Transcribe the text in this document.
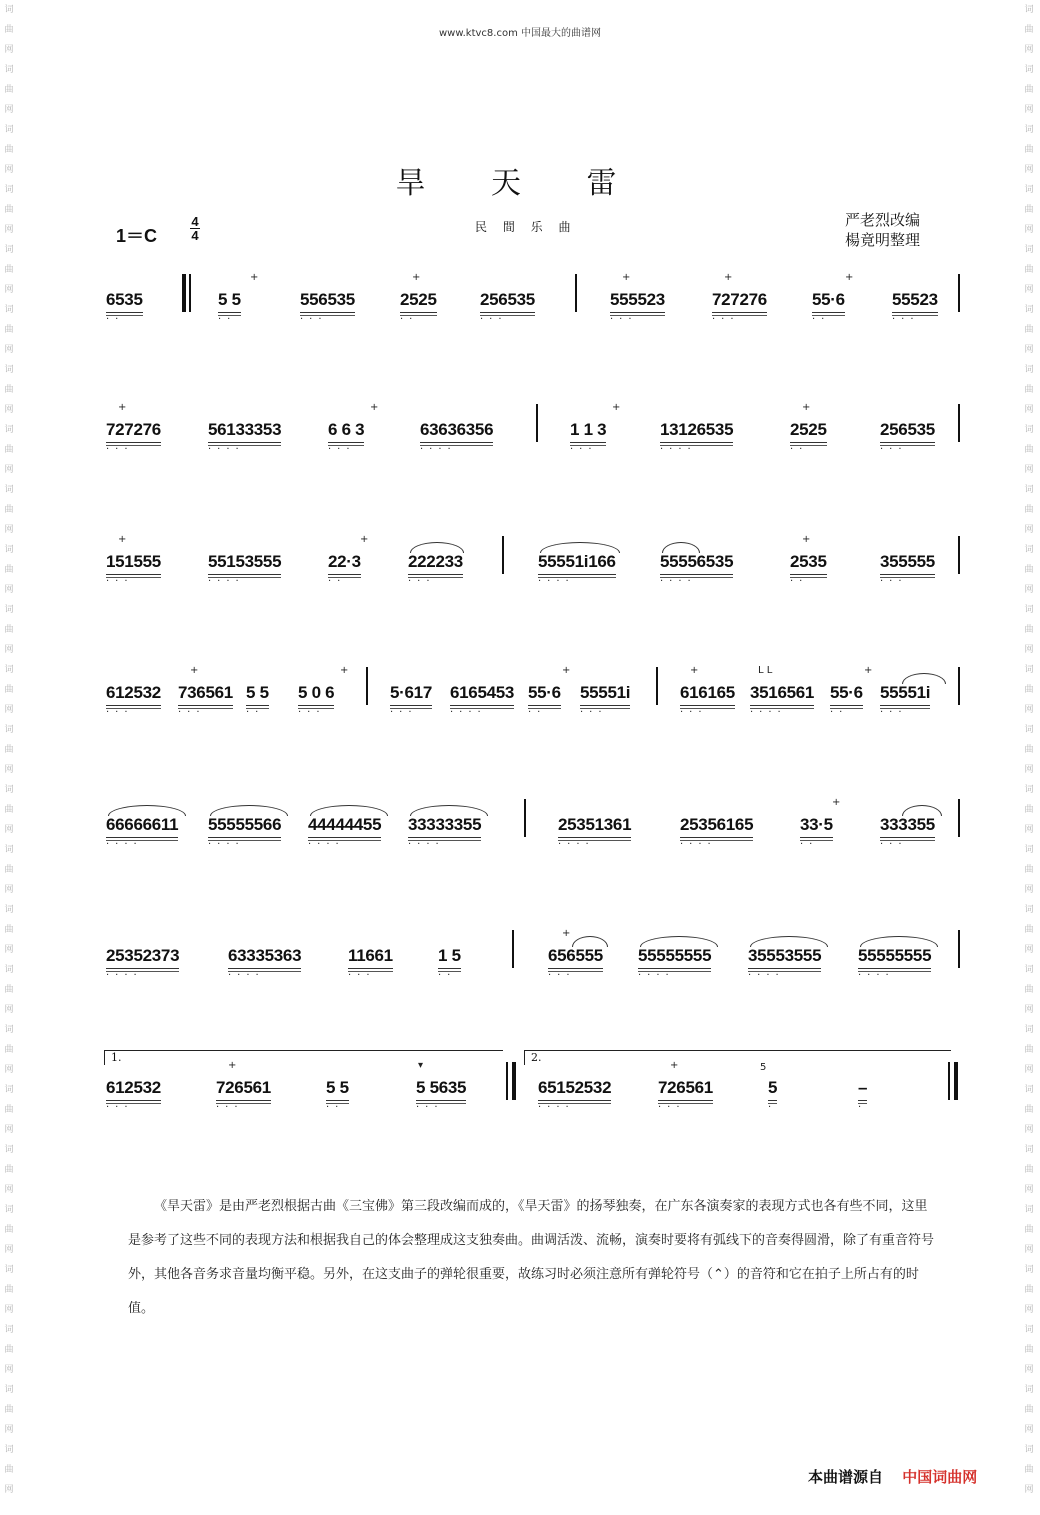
词
曲
网
词
曲
网
词
曲
网
词
曲
网
词
曲
网
词
曲
网
词
曲
网
词
曲
网
词
曲
网
词
曲
网
词
曲
网
词
曲
网
词
曲
网
词
曲
网
词
曲
网
词
曲
网
词
曲
网
词
曲
网
词
曲
网
词
曲
网
词
曲
网
词
曲
网
词
曲
网
词
曲
网
词
曲
网
词
曲
网
词
曲
网
词
曲
网
词
曲
网
词
曲
网
词
曲
网
词
曲
网
词
曲
网
词
曲
网
词
曲
网
词
曲
网
词
曲
网
词
曲
网
词
曲
网
词
曲
网
词
曲
网
词
曲
网
词
曲
网
词
曲
网
词
曲
网
词
曲
网
词
曲
网
词
曲
网
词
曲
网
词
曲
网
www.ktvc8.com 中国最大的曲谱网
旱 天 雷
1＝C
4
4
民 間 乐 曲	严老烈改编
楊竟明整理
6535	5 5
+
556535	2525
+
256535	555523
+
727276
+
55·6
+
55523
··	··	···	··	···	···	···	··	···
+
727276	56133353	6 6 3
+
63636356	1 1 3
+
13126535	2525
+
256535
···	····	···	····	···	····	··	···
+
151555	55153555	22·3
+
222233	55551i166	55556535	2535
+
355555
···	····	··	···	····	····	··	···
612532 736561
+
5 5 5 0 6
+
5·617 6165453 55·6
+
55551i
+
616165
L L
3516561 55·6
+
55551i
···	···	··	···	···	····	··	···	···	····	··	···
66666611 55555566 44444455 33333355	25351361	25356165	33·5
+
333355
····	····	····	····	····	····	··	···
25352373	63335363	11661	1 5
+
656555 55555555 35553555 55555555
····	····	···	··	···	····	····	····
1.
612532
+
726561	5 5
▾
5 5635
2.
65152532
+
726561
5
5	–
···	···	··	···	····	···	·	·
《旱天雷》是由严老烈根据古曲《三宝佛》第三段改编而成的，《旱天雷》的扬琴独奏，在广东各演奏家的表现方式也各有些不同，这里是参考了这些不同的表现方法和根据我自己的体会整理成这支独奏曲。曲调活泼、流畅，演奏时要将有弧线下的音奏得圆滑，除了有重音符号外，其他各音务求音量均衡平稳。另外，在这支曲子的弹轮很重要，故练习时必须注意所有弹轮符号（⌃）的音符和它在拍子上所占有的时值。
本曲谱源自 中国词曲网
